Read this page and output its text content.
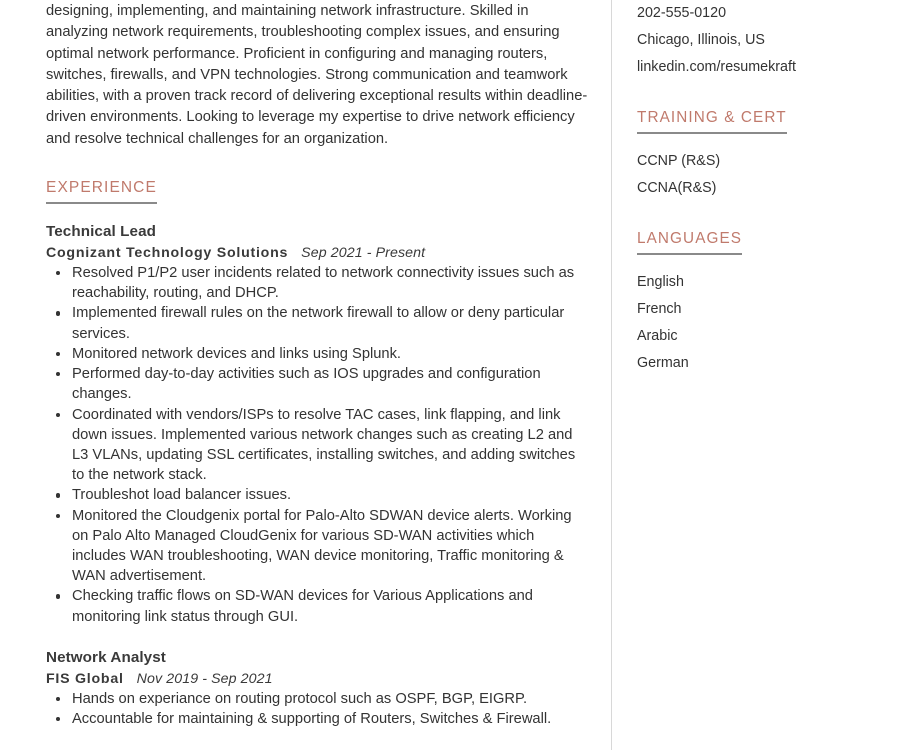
designing, implementing, and maintaining network infrastructure. Skilled in analyzing network requirements, troubleshooting complex issues, and ensuring optimal network performance. Proficient in configuring and managing routers, switches, firewalls, and VPN technologies. Strong communication and teamwork abilities, with a proven track record of delivering exceptional results within deadline-driven environments. Looking to leverage my expertise to drive network efficiency and resolve technical challenges for an organization.

EXPERIENCE
Technical Lead
Cognizant Technology Solutions Sep 2021 - Present
Resolved P1/P2 user incidents related to network connectivity issues such as reachability, routing, and DHCP.
Implemented firewall rules on the network firewall to allow or deny particular services.
Monitored network devices and links using Splunk.
Performed day-to-day activities such as IOS upgrades and configuration changes.
Coordinated with vendors/ISPs to resolve TAC cases, link flapping, and link down issues. Implemented various network changes such as creating L2 and L3 VLANs, updating SSL certificates, installing switches, and adding switches to the network stack.
Troubleshot load balancer issues.
Monitored the Cloudgenix portal for Palo-Alto SDWAN device alerts. Working on Palo Alto Managed CloudGenix for various SD-WAN activities which includes WAN troubleshooting, WAN device monitoring, Traffic monitoring & WAN advertisement.
Checking traffic flows on SD-WAN devices for Various Applications and monitoring link status through GUI.
Network Analyst
FIS Global Nov 2019 - Sep 2021
Hands on experiance on routing protocol such as OSPF, BGP, EIGRP.
Accountable for maintaining & supporting of Routers, Switches & Firewall.
202-555-0120
Chicago, Illinois, US
linkedin.com/resumekraft
TRAINING & CERT
CCNP (R&S)
CCNA(R&S)
LANGUAGES
English
French
Arabic
German
